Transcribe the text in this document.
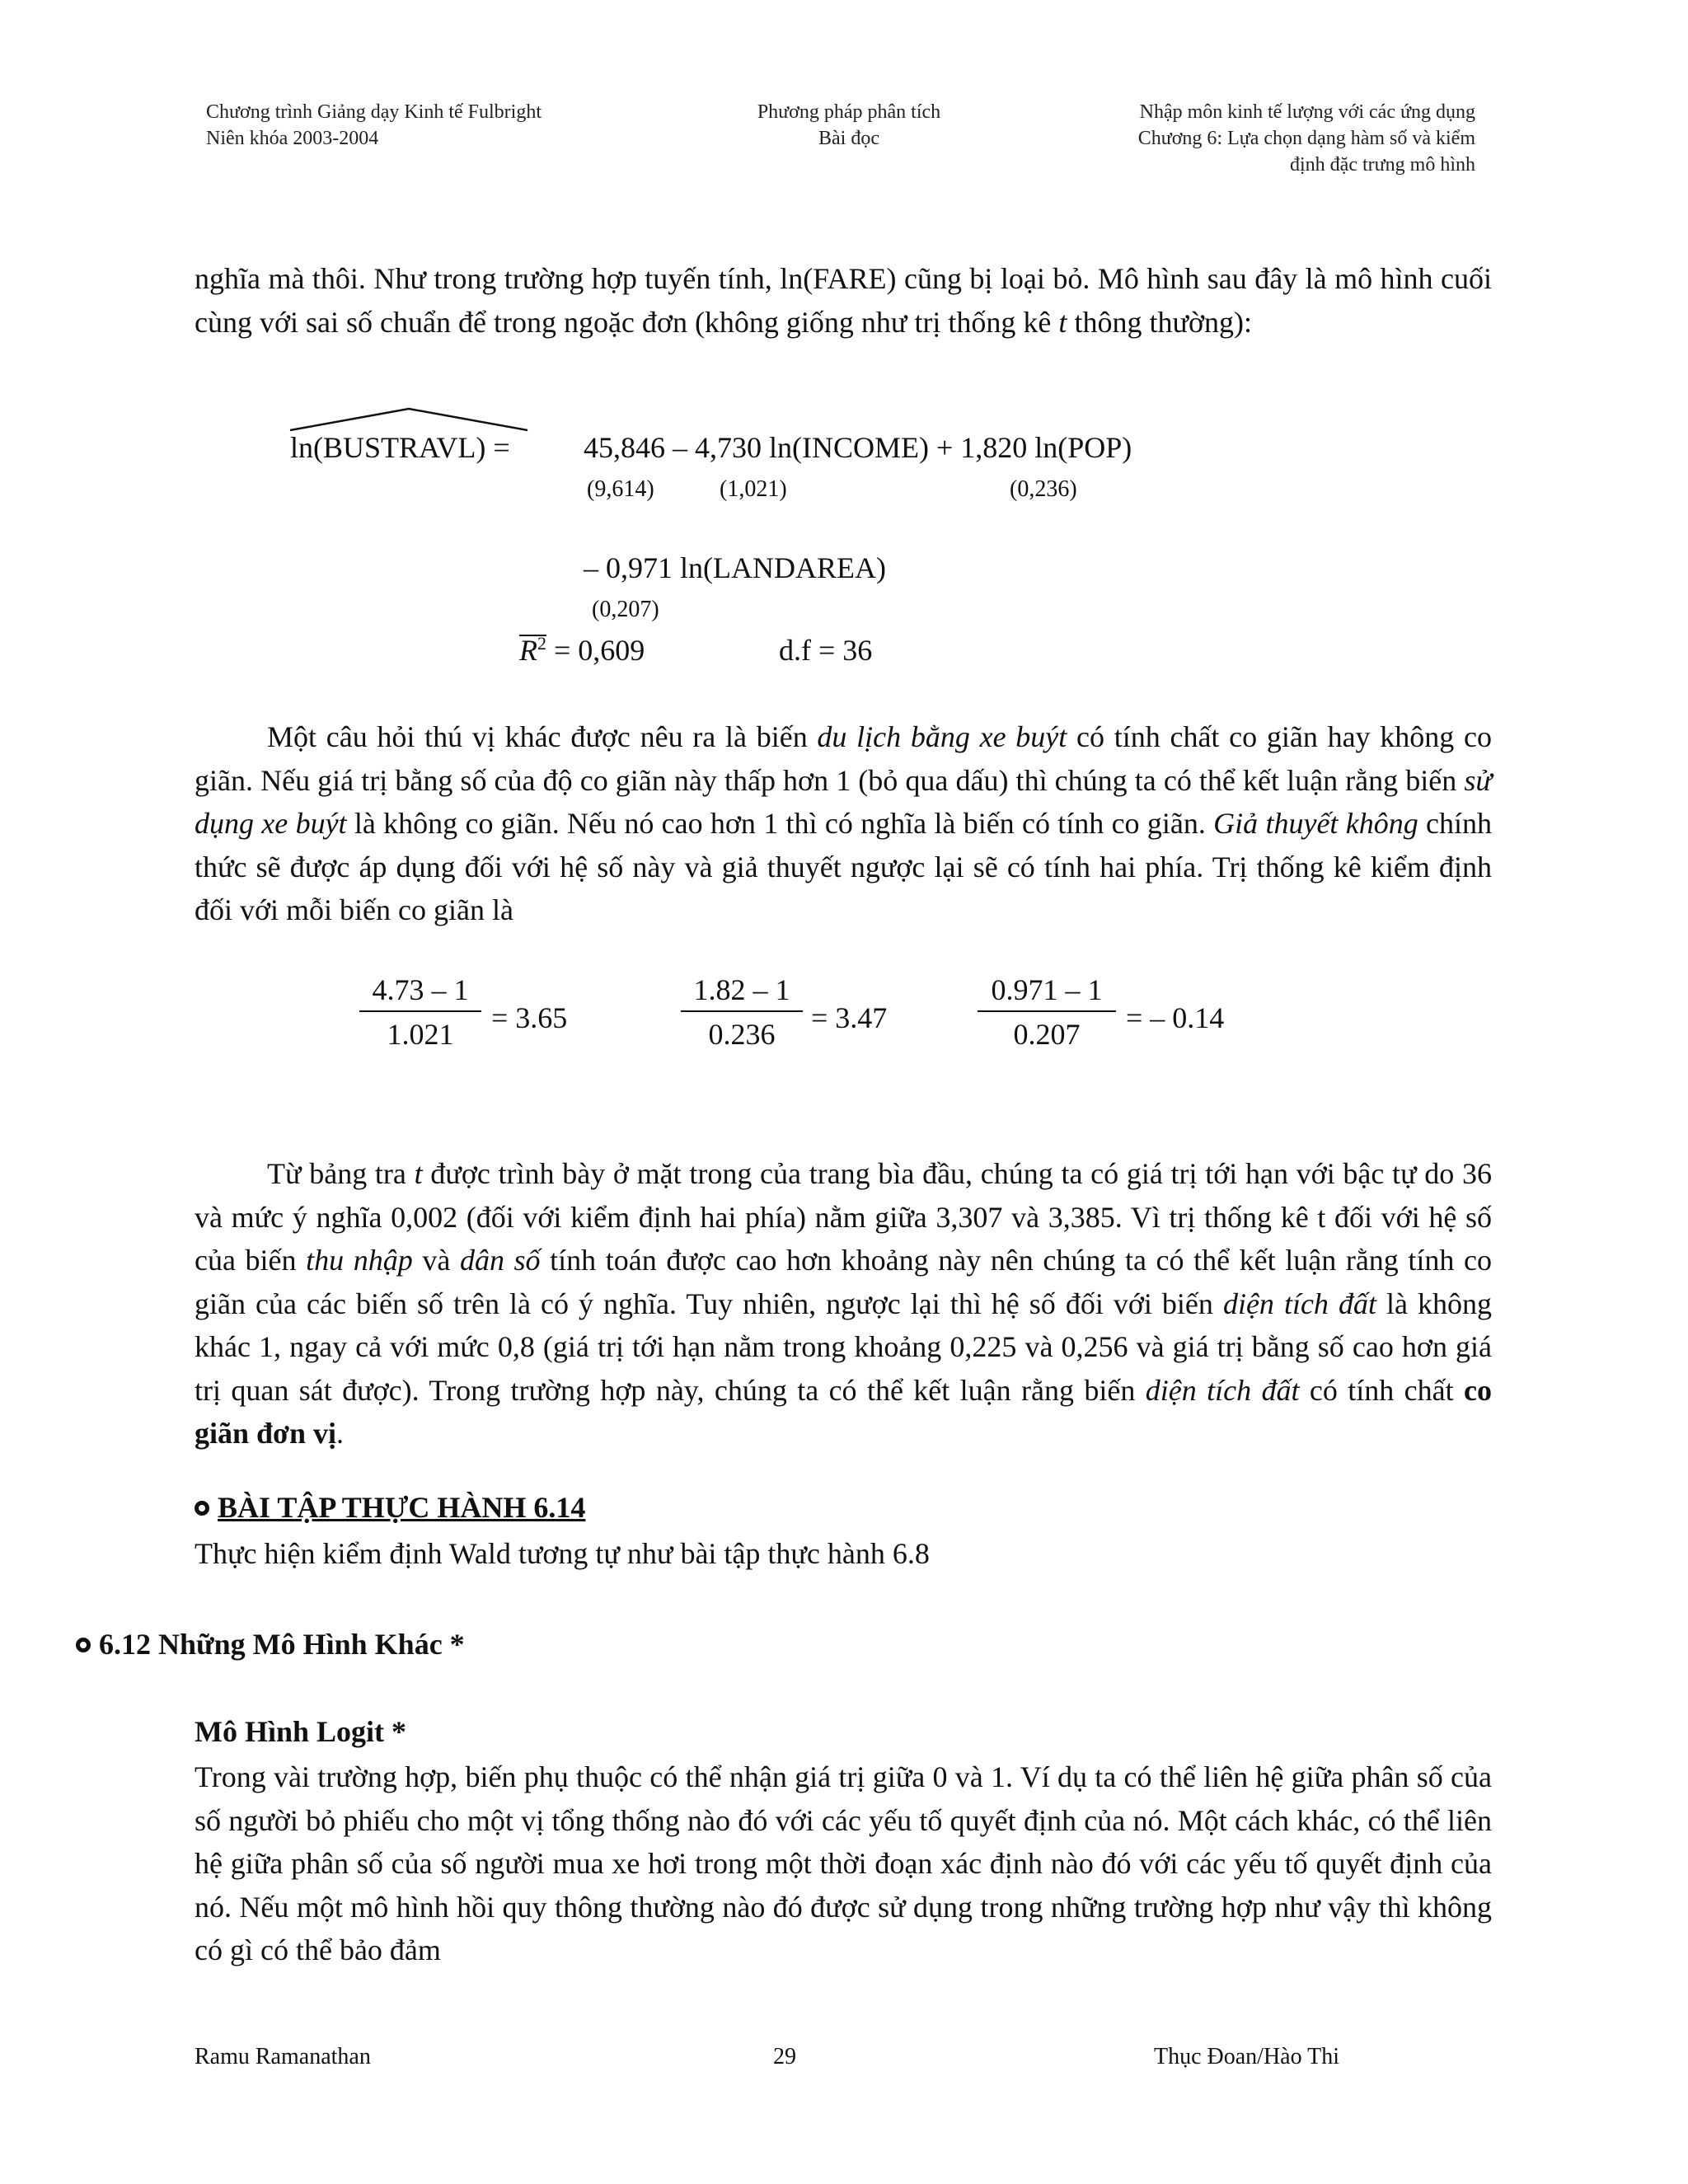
Chương trình Giảng dạy Kinh tế Fulbright
Niên khóa 2003-2004
Phương pháp phân tích
Bài đọc
Nhập môn kinh tế lượng với các ứng dụng
Chương 6: Lựa chọn dạng hàm số và kiểm
định đặc trưng mô hình

nghĩa mà thôi. Như trong trường hợp tuyến tính, ln(FARE) cũng bị loại bỏ. Mô hình sau đây là mô hình cuối cùng với sai số chuẩn để trong ngoặc đơn (không giống như trị thống kê t thông thường):

ln(BUSTRAVL) = 45,846 – 4,730 ln(INCOME) + 1,820 ln(POP)
(9,614)	(1,021)	(0,236)
– 0,971 ln(LANDAREA)
(0,207)
$R^2 = 0,609$	d.f = 36

Một câu hỏi thú vị khác được nêu ra là biến du lịch bằng xe buýt có tính chất co giãn hay không co giãn. Nếu giá trị bằng số của độ co giãn này thấp hơn 1 (bỏ qua dấu) thì chúng ta có thể kết luận rằng biến sử dụng xe buýt là không co giãn. Nếu nó cao hơn 1 thì có nghĩa là biến có tính co giãn. Giả thuyết không chính thức sẽ được áp dụng đối với hệ số này và giả thuyết ngược lại sẽ có tính hai phía. Trị thống kê kiểm định đối với mỗi biến co giãn là

4.73 – 1
1.021	= 3.65
1.82 – 1
0.236	= 3.47
0.971 – 1
0.207	= – 0.14

Từ bảng tra t được trình bày ở mặt trong của trang bìa đầu, chúng ta có giá trị tới hạn với bậc tự do 36 và mức ý nghĩa 0,002 (đối với kiểm định hai phía) nằm giữa 3,307 và 3,385. Vì trị thống kê t đối với hệ số của biến thu nhập và dân số tính toán được cao hơn khoảng này nên chúng ta có thể kết luận rằng tính co giãn của các biến số trên là có ý nghĩa. Tuy nhiên, ngược lại thì hệ số đối với biến diện tích đất là không khác 1, ngay cả với mức 0,8 (giá trị tới hạn nằm trong khoảng 0,225 và 0,256 và giá trị bằng số cao hơn giá trị quan sát được). Trong trường hợp này, chúng ta có thể kết luận rằng biến diện tích đất có tính chất co giãn đơn vị.

BÀI TẬP THỰC HÀNH 6.14
Thực hiện kiểm định Wald tương tự như bài tập thực hành 6.8
6.12 Những Mô Hình Khác *
Mô Hình Logit *

Trong vài trường hợp, biến phụ thuộc có thể nhận giá trị giữa 0 và 1. Ví dụ ta có thể liên hệ giữa phân số của số người bỏ phiếu cho một vị tổng thống nào đó với các yếu tố quyết định của nó. Một cách khác, có thể liên hệ giữa phân số của số người mua xe hơi trong một thời đoạn xác định nào đó với các yếu tố quyết định của nó. Nếu một mô hình hồi quy thông thường nào đó được sử dụng trong những trường hợp như vậy thì không có gì có thể bảo đảm

Ramu Ramanathan	29	Thục Đoan/Hào Thi
